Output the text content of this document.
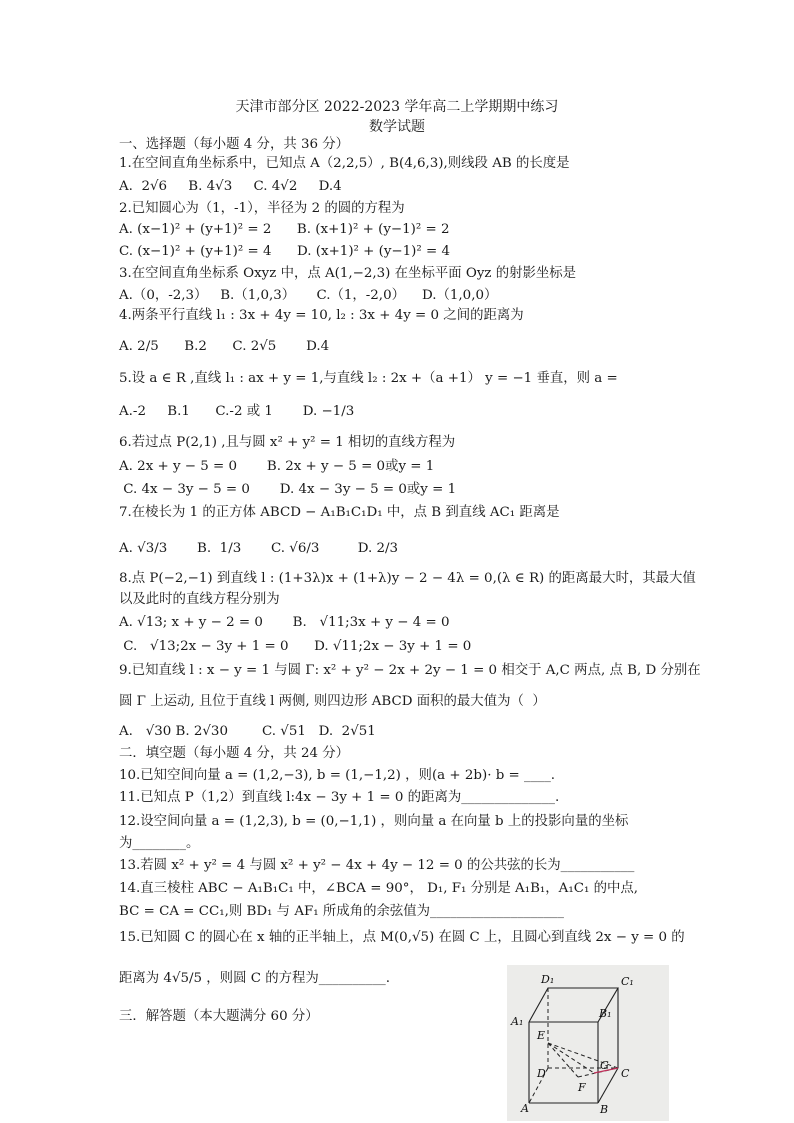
天津市部分区 2022-2023 学年高二上学期期中练习
数学试题
一、选择题（每小题 4 分，共 36 分）
1.在空间直角坐标系中，已知点 A（2,2,5）, B(4,6,3),则线段 AB 的长度是
A.  2√6     B. 4√3     C. 4√2     D.4
2.已知圆心为（1，-1），半径为 2 的圆的方程为
A. (x−1)² + (y+1)² = 2      B. (x+1)² + (y−1)² = 2
C. (x−1)² + (y+1)² = 4      D. (x+1)² + (y−1)² = 4
3.在空间直角坐标系 Oxyz 中，点 A(1,−2,3) 在坐标平面 Oyz 的射影坐标是
A.（0，-2,3）   B.（1,0,3）     C.（1，-2,0）    D.（1,0,0）
4.两条平行直线 l₁ : 3x + 4y = 10, l₂ : 3x + 4y = 0 之间的距离为
A. 2/5      B.2      C. 2√5       D.4
5.设 a ∈ R ,直线 l₁ : ax + y = 1,与直线 l₂ : 2x +（a +1） y = −1 垂直，则 a =
A.-2     B.1      C.-2 或 1       D. −1/3
6.若过点 P(2,1) ,且与圆 x² + y² = 1 相切的直线方程为
A. 2x + y − 5 = 0       B. 2x + y − 5 = 0或y = 1
C. 4x − 3y − 5 = 0       D. 4x − 3y − 5 = 0或y = 1
7.在棱长为 1 的正方体 ABCD − A₁B₁C₁D₁ 中，点 B 到直线 AC₁ 距离是
A. √3/3       B.  1/3       C. √6/3         D. 2/3
8.点 P(−2,−1) 到直线 l : (1+3λ)x + (1+λ)y − 2 − 4λ = 0,(λ ∈ R) 的距离最大时，其最大值
以及此时的直线方程分别为
A. √13; x + y − 2 = 0       B.   √11;3x + y − 4 = 0
C.   √13;2x − 3y + 1 = 0      D. √11;2x − 3y + 1 = 0
9.已知直线 l : x − y = 1 与圆 Γ: x² + y² − 2x + 2y − 1 = 0 相交于 A,C 两点, 点 B, D 分别在
圆 Γ 上运动, 且位于直线 l 两侧, 则四边形 ABCD 面积的最大值为（  ）
A.   √30 B. 2√30        C. √51   D.  2√51
二．填空题（每小题 4 分，共 24 分）
10.已知空间向量 a = (1,2,−3), b = (1,−1,2) ，则(a + 2b)· b = ____.
11.已知点 P（1,2）到直线 l:4x − 3y + 1 = 0 的距离为______________.
12.设空间向量 a = (1,2,3), b = (0,−1,1) ，则向量 a 在向量 b 上的投影向量的坐标
为________。
13.若圆 x² + y² = 4 与圆 x² + y² − 4x + 4y − 12 = 0 的公共弦的长为___________
14.直三棱柱 ABC − A₁B₁C₁ 中，∠BCA = 90°， D₁, F₁ 分别是 A₁B₁，A₁C₁ 的中点,
BC = CA = CC₁,则 BD₁ 与 AF₁ 所成角的余弦值为____________________
15.已知圆 C 的圆心在 x 轴的正半轴上，点 M(0,√5) 在圆 C 上，且圆心到直线 2x − y = 0 的
距离为 4√5/5 ，则圆 C 的方程为__________.
三．解答题（本大题满分 60 分）
D₁	C₁
A₁
B₁
E
D
G
C
F
A	B
